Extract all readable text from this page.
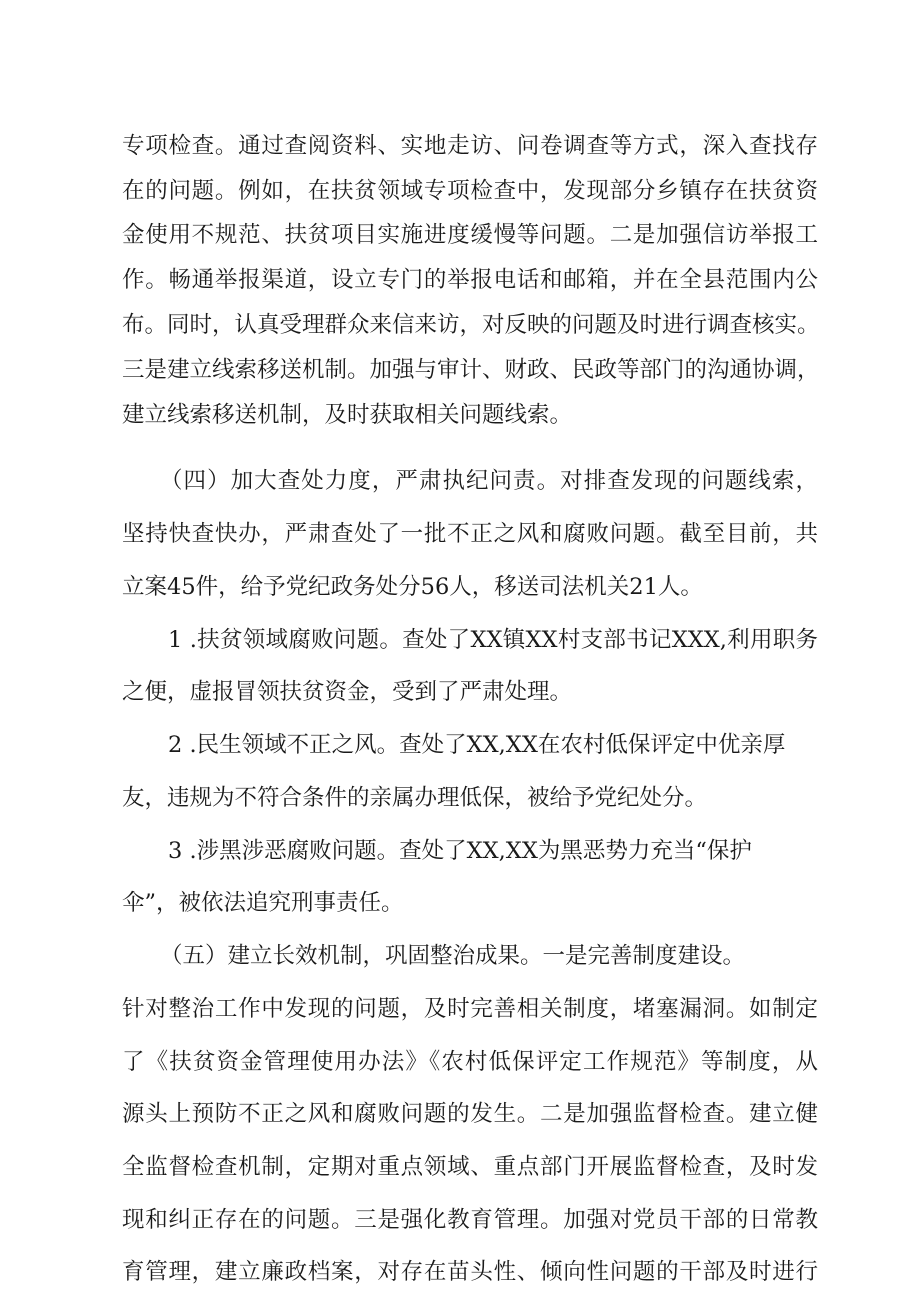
专项检查。通过查阅资料、实地走访、问卷调查等方式，深入查找存
在的问题。例如，在扶贫领域专项检查中，发现部分乡镇存在扶贫资
金使用不规范、扶贫项目实施进度缓慢等问题。二是加强信访举报工
作。畅通举报渠道，设立专门的举报电话和邮箱，并在全县范围内公
布。同时，认真受理群众来信来访，对反映的问题及时进行调查核实。
三是建立线索移送机制。加强与审计、财政、民政等部门的沟通协调，
建立线索移送机制，及时获取相关问题线索。
（四）加大查处力度，严肃执纪问责。对排查发现的问题线索，
坚持快查快办，严肃查处了一批不正之风和腐败问题。截至目前，共
立案45件，给予党纪政务处分56人，移送司法机关21人。
1 .扶贫领域腐败问题。查处了XX镇XX村支部书记XXX,利用职务
之便，虚报冒领扶贫资金，受到了严肃处理。
2 .民生领域不正之风。查处了XX,XX在农村低保评定中优亲厚
友，违规为不符合条件的亲属办理低保，被给予党纪处分。
3 .涉黑涉恶腐败问题。查处了XX,XX为黑恶势力充当“保护
伞”，被依法追究刑事责任。
（五）建立长效机制，巩固整治成果。一是完善制度建设。
针对整治工作中发现的问题，及时完善相关制度，堵塞漏洞。如制定
了《扶贫资金管理使用办法》《农村低保评定工作规范》等制度，从
源头上预防不正之风和腐败问题的发生。二是加强监督检查。建立健
全监督检查机制，定期对重点领域、重点部门开展监督检查，及时发
现和纠正存在的问题。三是强化教育管理。加强对党员干部的日常教
育管理，建立廉政档案，对存在苗头性、倾向性问题的干部及时进行
